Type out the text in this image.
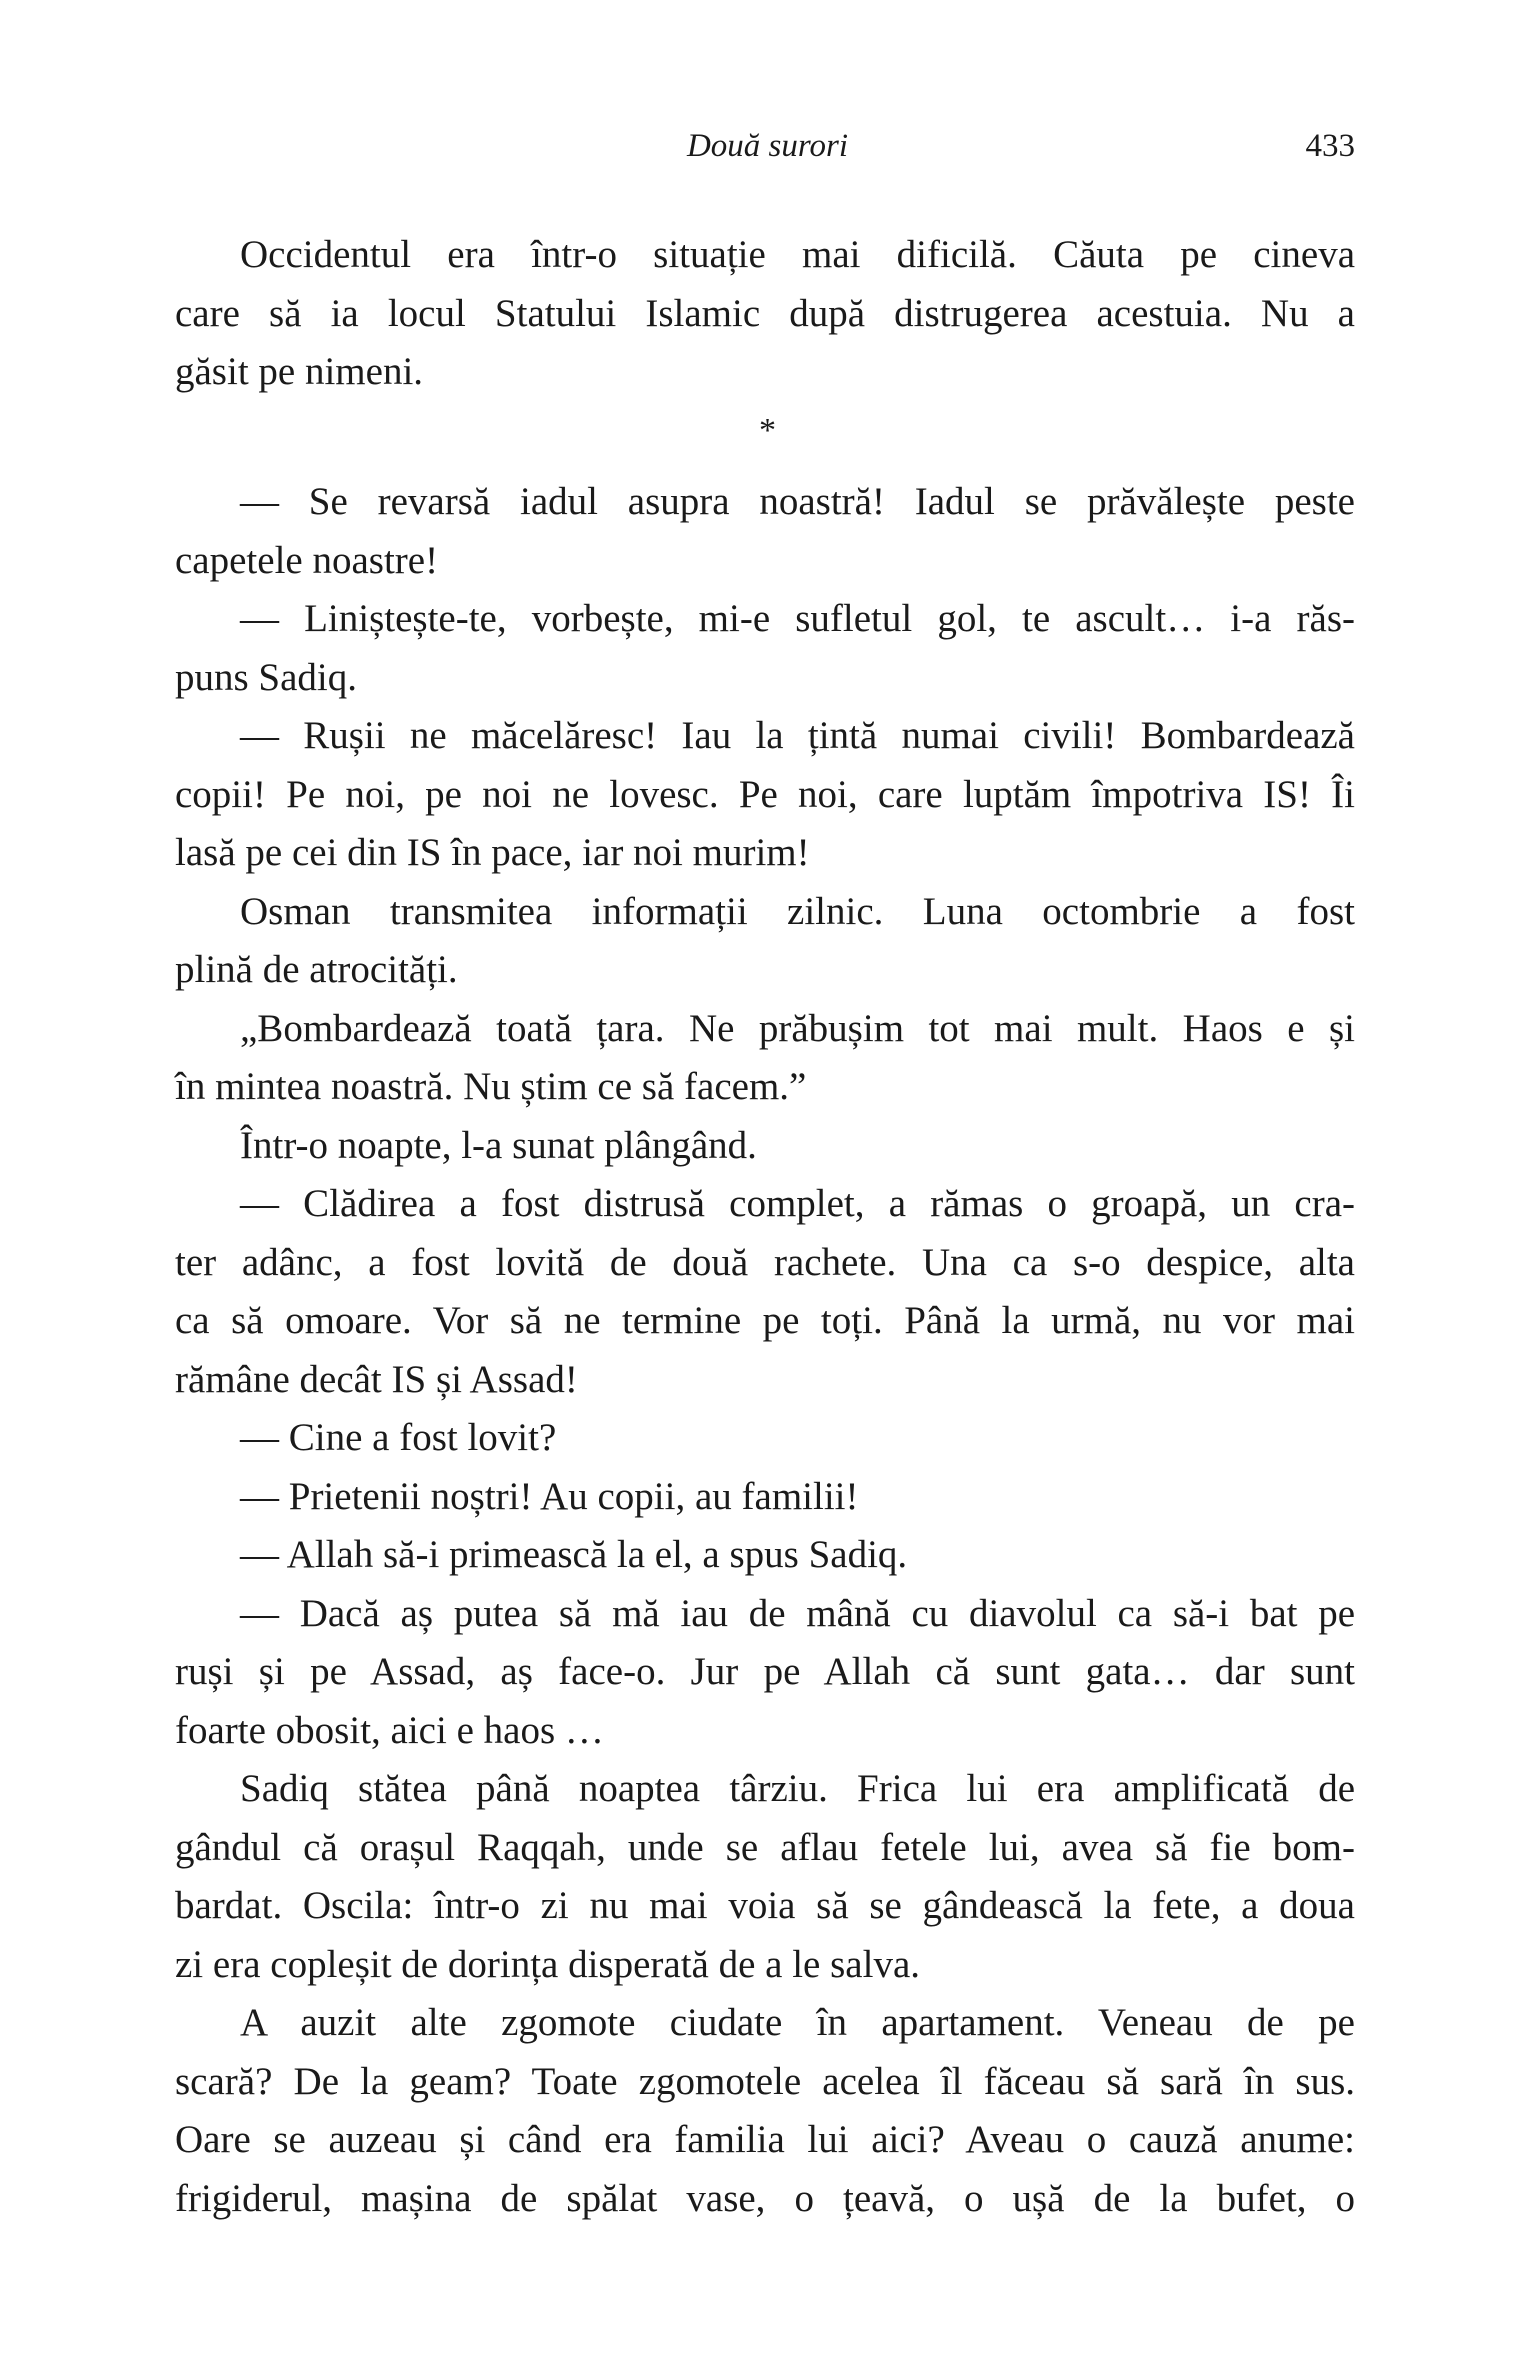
Două surori	433
Occidentul era într-o situație mai dificilă. Căuta pe cineva
care să ia locul Statului Islamic după distrugerea acestuia. Nu a
găsit pe nimeni.
*
— Se revarsă iadul asupra noastră! Iadul se prăvălește peste
capetele noastre!
— Liniștește-te, vorbește, mi-e sufletul gol, te ascult… i-a răs-
puns Sadiq.
— Rușii ne măcelăresc! Iau la țintă numai civili! Bombardează
copii! Pe noi, pe noi ne lovesc. Pe noi, care luptăm împotriva IS! Îi
lasă pe cei din IS în pace, iar noi murim!
Osman transmitea informații zilnic. Luna octombrie a fost
plină de atrocități.
„Bombardează toată țara. Ne prăbușim tot mai mult. Haos e și
în mintea noastră. Nu știm ce să facem.”
Într-o noapte, l-a sunat plângând.
— Clădirea a fost distrusă complet, a rămas o groapă, un cra-
ter adânc, a fost lovită de două rachete. Una ca s-o despice, alta
ca să omoare. Vor să ne termine pe toți. Până la urmă, nu vor mai
rămâne decât IS și Assad!
— Cine a fost lovit?
— Prietenii noștri! Au copii, au familii!
— Allah să-i primească la el, a spus Sadiq.
— Dacă aș putea să mă iau de mână cu diavolul ca să-i bat pe
ruși și pe Assad, aș face-o. Jur pe Allah că sunt gata… dar sunt
foarte obosit, aici e haos …
Sadiq stătea până noaptea târziu. Frica lui era amplificată de
gândul că orașul Raqqah, unde se aflau fetele lui, avea să fie bom-
bardat. Oscila: într-o zi nu mai voia să se gândească la fete, a doua
zi era copleșit de dorința disperată de a le salva.
A auzit alte zgomote ciudate în apartament. Veneau de pe
scară? De la geam? Toate zgomotele acelea îl făceau să sară în sus.
Oare se auzeau și când era familia lui aici? Aveau o cauză anume:
frigiderul, mașina de spălat vase, o țeavă, o ușă de la bufet, o
